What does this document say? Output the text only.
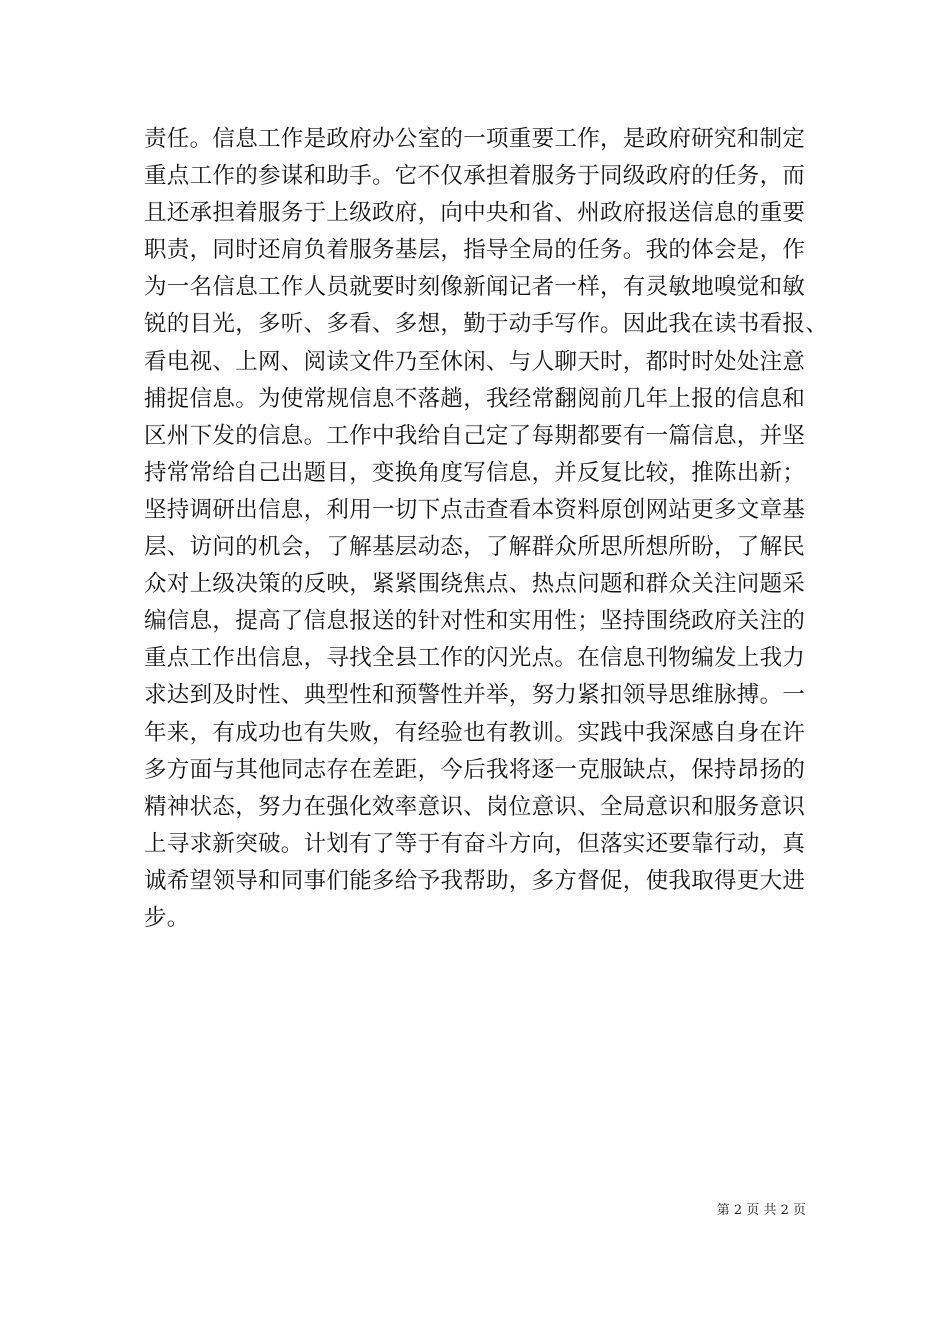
责任。信息工作是政府办公室的一项重要工作，是政府研究和制定
重点工作的参谋和助手。它不仅承担着服务于同级政府的任务，而
且还承担着服务于上级政府，向中央和省、州政府报送信息的重要
职责，同时还肩负着服务基层，指导全局的任务。我的体会是，作
为一名信息工作人员就要时刻像新闻记者一样，有灵敏地嗅觉和敏
锐的目光，多听、多看、多想，勤于动手写作。因此我在读书看报、
看电视、上网、阅读文件乃至休闲、与人聊天时，都时时处处注意
捕捉信息。为使常规信息不落趟，我经常翻阅前几年上报的信息和
区州下发的信息。工作中我给自己定了每期都要有一篇信息，并坚
持常常给自己出题目，变换角度写信息，并反复比较，推陈出新；
坚持调研出信息，利用一切下点击查看本资料原创网站更多文章基
层、访问的机会，了解基层动态，了解群众所思所想所盼，了解民
众对上级决策的反映，紧紧围绕焦点、热点问题和群众关注问题采
编信息，提高了信息报送的针对性和实用性；坚持围绕政府关注的
重点工作出信息，寻找全县工作的闪光点。在信息刊物编发上我力
求达到及时性、典型性和预警性并举，努力紧扣领导思维脉搏。一
年来，有成功也有失败，有经验也有教训。实践中我深感自身在许
多方面与其他同志存在差距，今后我将逐一克服缺点，保持昂扬的
精神状态，努力在强化效率意识、岗位意识、全局意识和服务意识
上寻求新突破。计划有了等于有奋斗方向，但落实还要靠行动，真
诚希望领导和同事们能多给予我帮助，多方督促，使我取得更大进
步。
第 2 页 共 2 页
